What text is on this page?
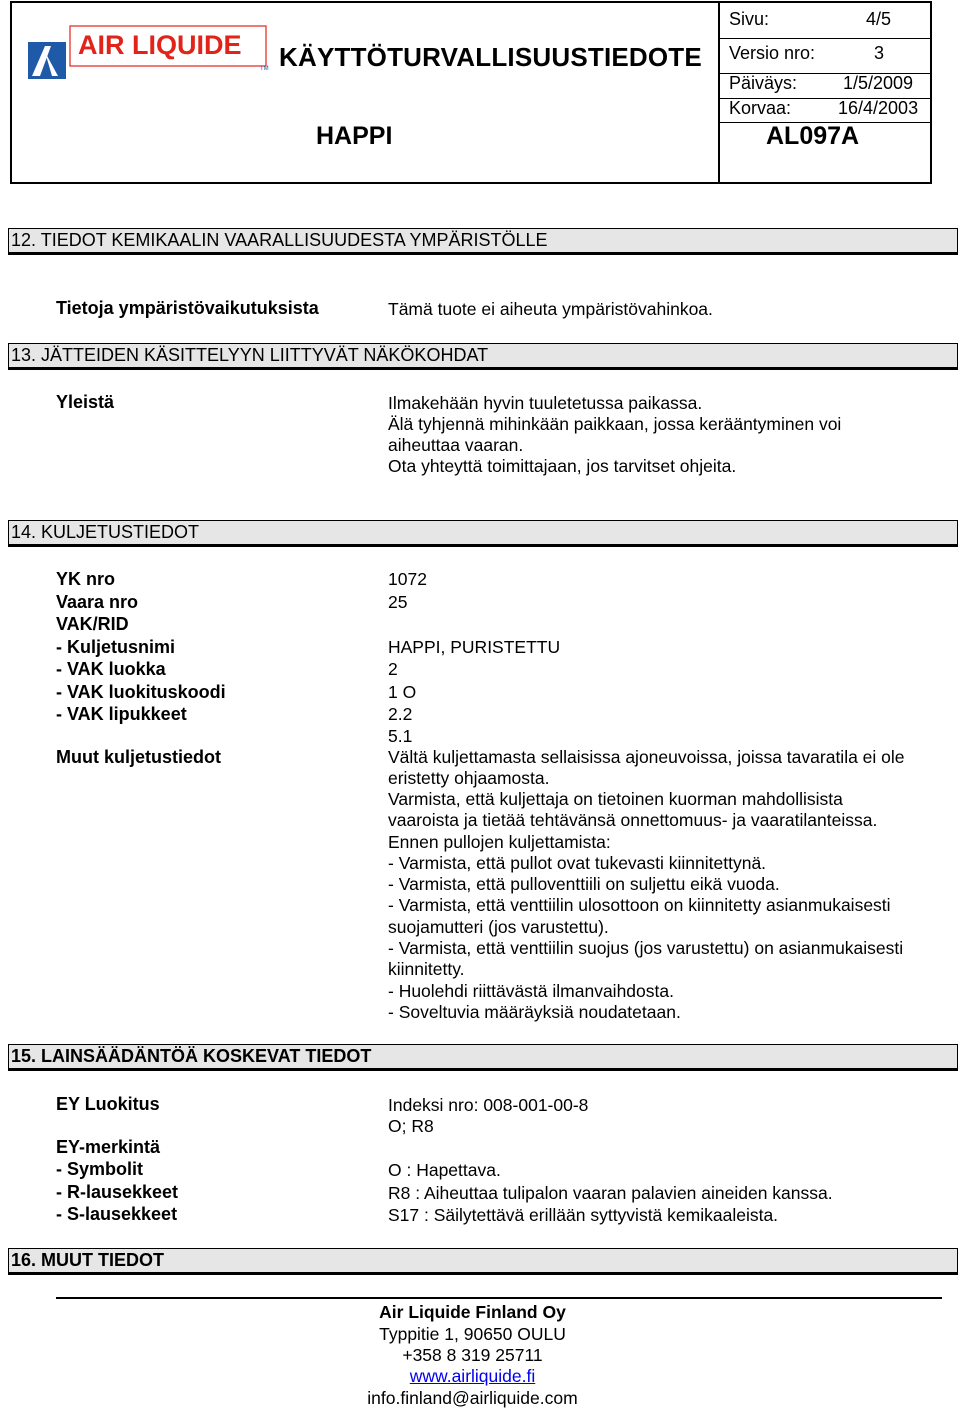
AIR LIQUIDE
TM KÄYTTÖTURVALLISUUSTIEDOTE
HAPPI
Sivu:	4/5
Versio nro:	3
Päiväys:	1/5/2009
Korvaa:	16/4/2003
AL097A
12. TIEDOT KEMIKAALIN VAARALLISUUDESTA YMPÄRISTÖLLE
Tietoja ympäristövaikutuksista	Tämä tuote ei aiheuta ympäristövahinkoa.
13. JÄTTEIDEN KÄSITTELYYN LIITTYVÄT NÄKÖKOHDAT
Yleistä	Ilmakehään hyvin tuuletetussa paikassa.
Älä tyhjennä mihinkään paikkaan, jossa kerääntyminen voi
aiheuttaa vaaran.
Ota yhteyttä toimittajaan, jos tarvitset ohjeita.
14. KULJETUSTIEDOT
YK nro	1072
Vaara nro	25
VAK/RID
- Kuljetusnimi	HAPPI, PURISTETTU
- VAK luokka	2
- VAK luokituskoodi	1 O
- VAK lipukkeet	2.2
5.1
Muut kuljetustiedot	Vältä kuljettamasta sellaisissa ajoneuvoissa, joissa tavaratila ei ole
eristetty ohjaamosta.
Varmista, että kuljettaja on tietoinen kuorman mahdollisista
vaaroista ja tietää tehtävänsä onnettomuus- ja vaaratilanteissa.
Ennen pullojen kuljettamista:
- Varmista, että pullot ovat tukevasti kiinnitettynä.
- Varmista, että pulloventtiili on suljettu eikä vuoda.
- Varmista, että venttiilin ulosottoon on kiinnitetty asianmukaisesti
suojamutteri (jos varustettu).
- Varmista, että venttiilin suojus (jos varustettu) on asianmukaisesti
kiinnitetty.
- Huolehdi riittävästä ilmanvaihdosta.
- Soveltuvia määräyksiä noudatetaan.
15. LAINSÄÄDÄNTÖÄ KOSKEVAT TIEDOT
EY Luokitus	Indeksi nro: 008-001-00-8
O; R8
EY-merkintä
- Symbolit	O : Hapettava.
- R-lausekkeet	R8 : Aiheuttaa tulipalon vaaran palavien aineiden kanssa.
- S-lausekkeet	S17 : Säilytettävä erillään syttyvistä kemikaaleista.
16. MUUT TIEDOT
Air Liquide Finland Oy
Typpitie 1, 90650 OULU
+358 8 319 25711
www.airliquide.fi
info.finland@airliquide.com
